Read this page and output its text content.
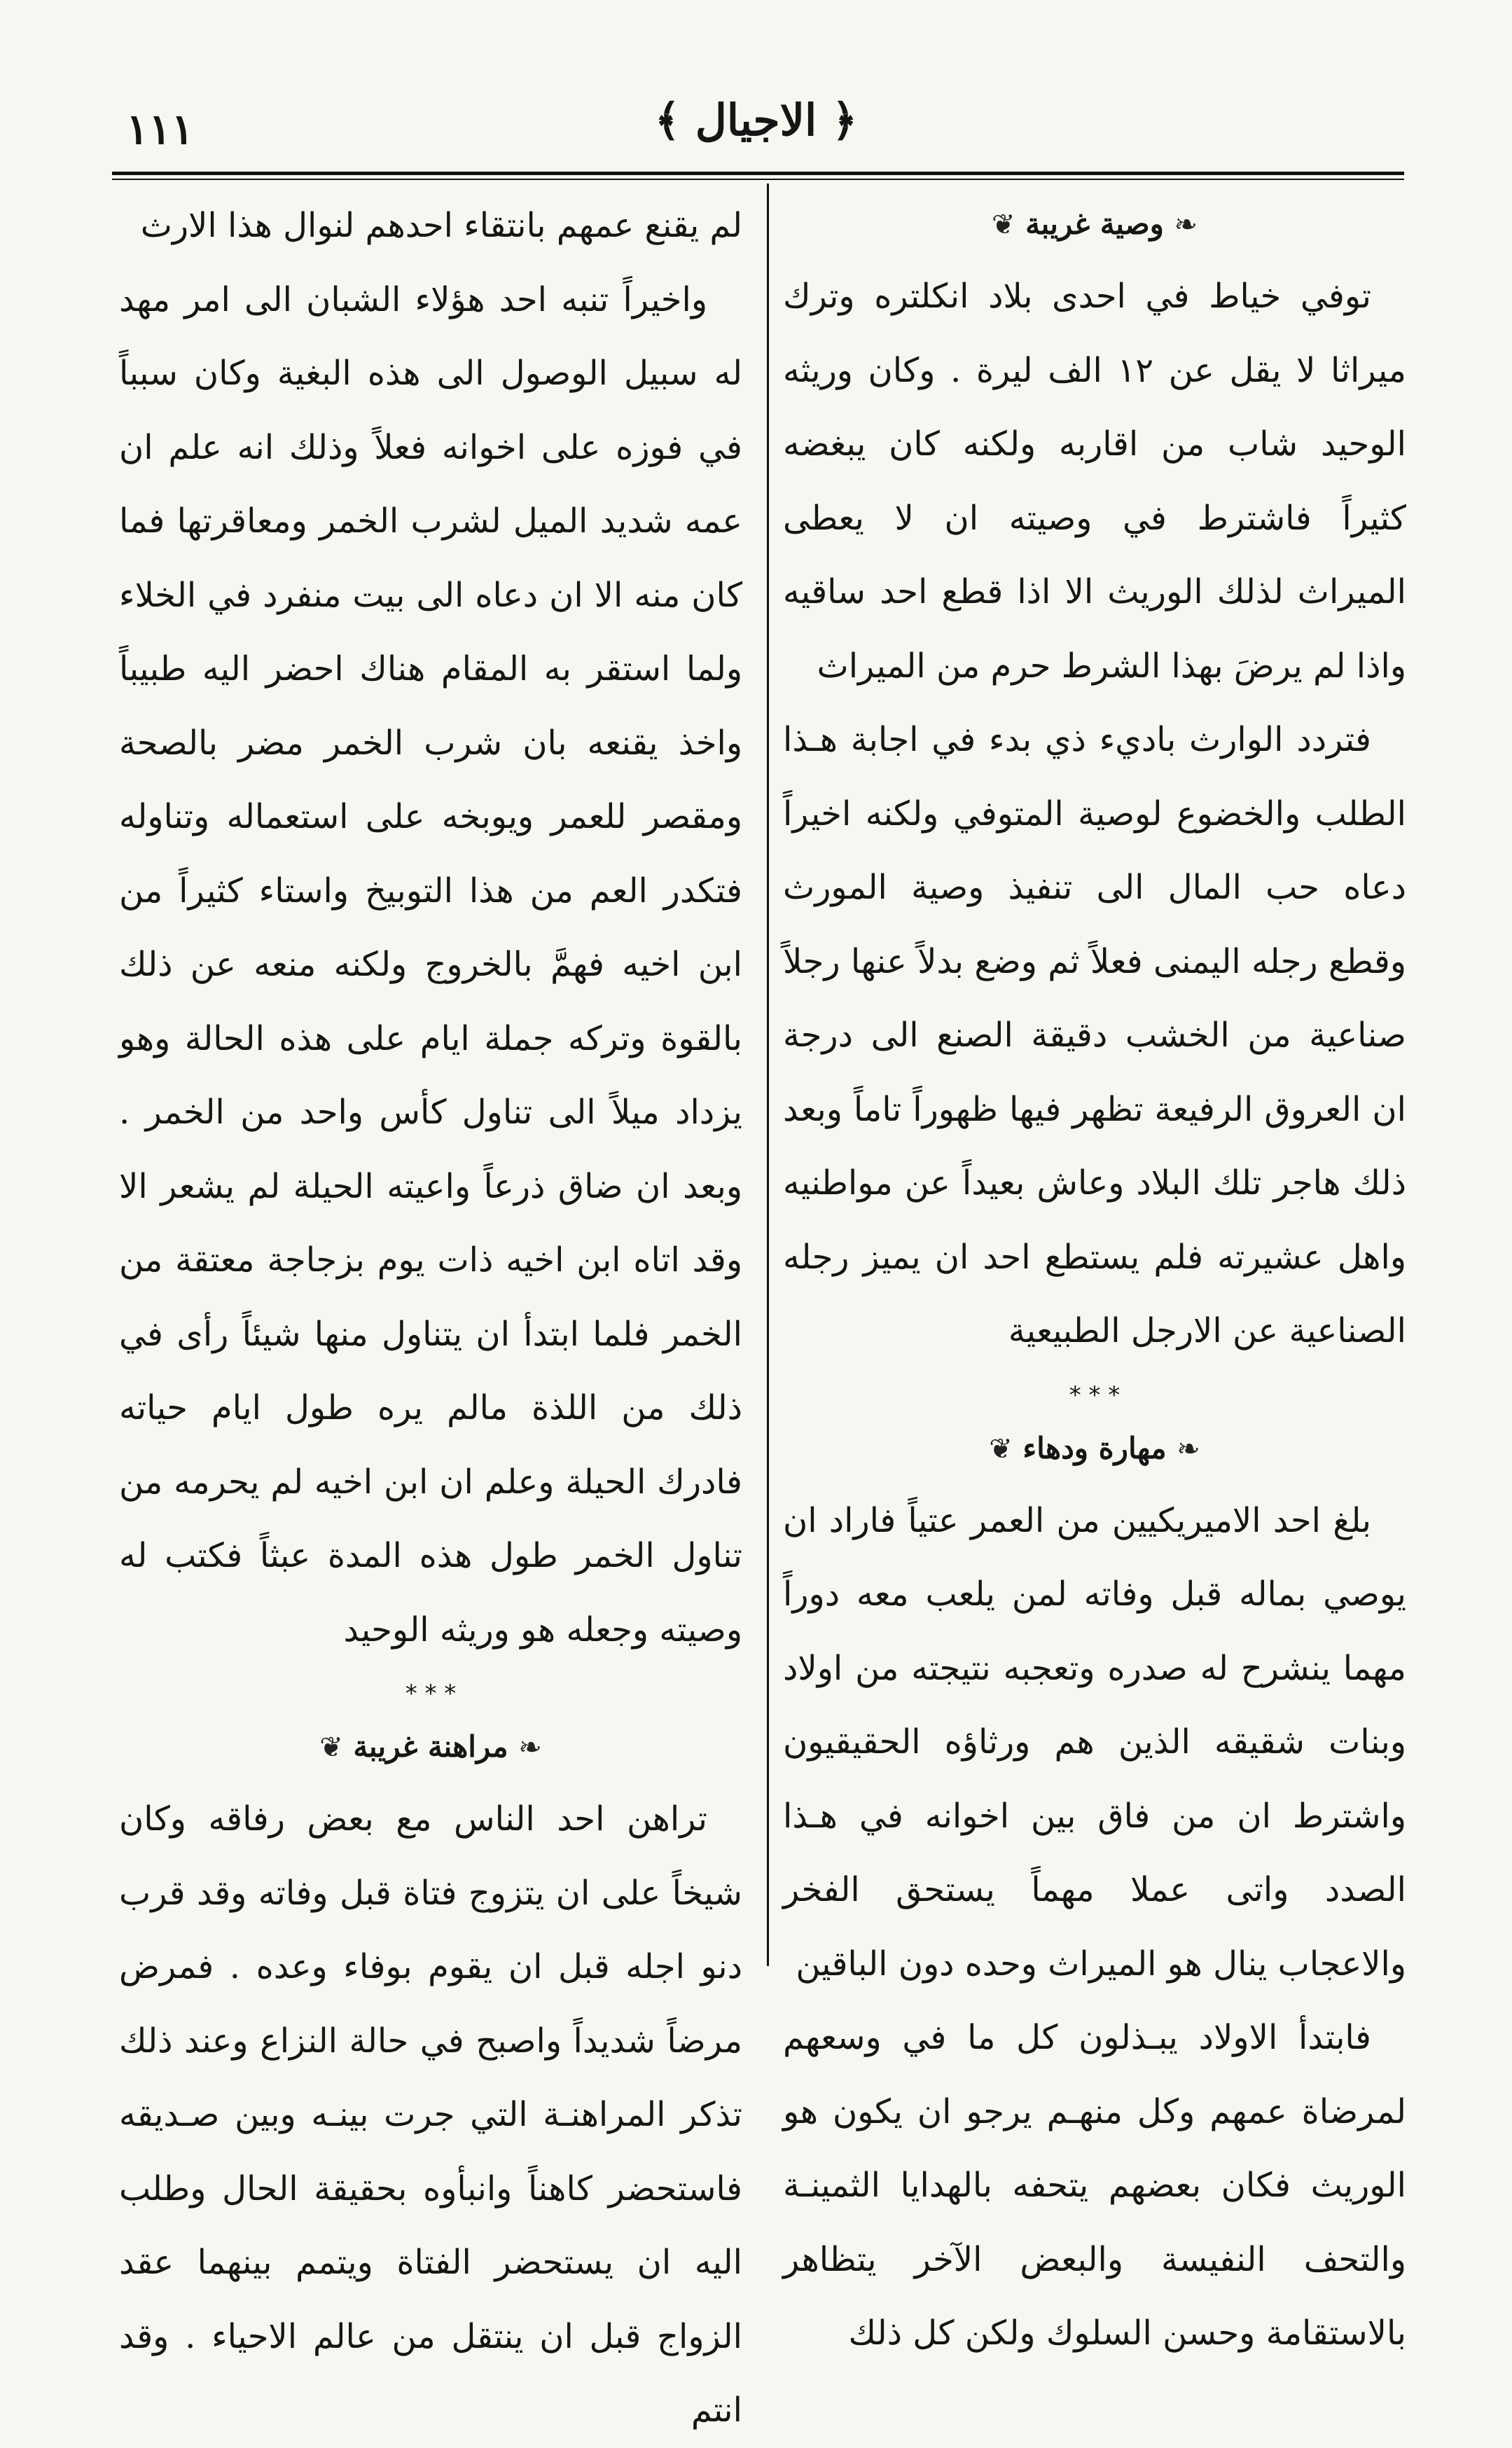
١١١	﴿ الاجيال ﴾
❧ وصية غريبة ❦

توفي خياط في احدى بلاد انكلتره وترك ميراثا لا يقل عن ١٢ الف ليرة . وكان وريثه الوحيد شاب من اقاربه ولكنه كان يبغضه كثيراً فاشترط في وصيته ان لا يعطى الميراث لذلك الوريث الا اذا قطع احد ساقيه واذا لم يرضَ بهذا الشرط حرم من الميراث

فتردد الوارث باديء ذي بدء في اجابة هـذا الطلب والخضوع لوصية المتوفي ولكنه اخيراً دعاه حب المال الى تنفيذ وصية المورث وقطع رجله اليمنى فعلاً ثم وضع بدلاً عنها رجلاً صناعية من الخشب دقيقة الصنع الى درجة ان العروق الرفيعة تظهر فيها ظهوراً تاماً وبعد ذلك هاجر تلك البلاد وعاش بعيداً عن مواطنيه واهل عشيرته فلم يستطع احد ان يميز رجله الصناعية عن الارجل الطبيعية

* * *
❧ مهارة ودهاء ❦

بلغ احد الاميريكيين من العمر عتياً فاراد ان يوصي بماله قبل وفاته لمن يلعب معه دوراً مهما ينشرح له صدره وتعجبه نتيجته من اولاد وبنات شقيقه الذين هم ورثاؤه الحقيقيون واشترط ان من فاق بين اخوانه في هـذا الصدد واتى عملا مهماً يستحق الفخر والاعجاب ينال هو الميراث وحده دون الباقين

فابتدأ الاولاد يبـذلون كل ما في وسعهم لمرضاة عمهم وكل منهـم يرجو ان يكون هو الوريث فكان بعضهم يتحفه بالهدايا الثمينـة والتحف النفيسة والبعض الآخر يتظاهر بالاستقامة وحسن السلوك ولكن كل ذلك

لم يقنع عمهم بانتقاء احدهم لنوال هذا الارث

واخيراً تنبه احد هؤلاء الشبان الى امر مهد له سبيل الوصول الى هذه البغية وكان سبباً في فوزه على اخوانه فعلاً وذلك انه علم ان عمه شديد الميل لشرب الخمر ومعاقرتها فما كان منه الا ان دعاه الى بيت منفرد في الخلاء ولما استقر به المقام هناك احضر اليه طبيباً واخذ يقنعه بان شرب الخمر مضر بالصحة ومقصر للعمر ويوبخه على استعماله وتناوله فتكدر العم من هذا التوبيخ واستاء كثيراً من ابن اخيه فهمَّ بالخروج ولكنه منعه عن ذلك بالقوة وتركه جملة ايام على هذه الحالة وهو يزداد ميلاً الى تناول كأس واحد من الخمر . وبعد ان ضاق ذرعاً واعيته الحيلة لم يشعر الا وقد اتاه ابن اخيه ذات يوم بزجاجة معتقة من الخمر فلما ابتدأ ان يتناول منها شيئاً رأى في ذلك من اللذة مالم يره طول ايام حياته فادرك الحيلة وعلم ان ابن اخيه لم يحرمه من تناول الخمر طول هذه المدة عبثاً فكتب له وصيته وجعله هو وريثه الوحيد

* * *
❧ مراهنة غريبة ❦

تراهن احد الناس مع بعض رفاقه وكان شيخاً على ان يتزوج فتاة قبل وفاته وقد قرب دنو اجله قبل ان يقوم بوفاء وعده . فمرض مرضاً شديداً واصبح في حالة النزاع وعند ذلك تذكر المراهنـة التي جرت بينـه وبين صـديقه فاستحضر كاهناً وانبأوه بحقيقة الحال وطلب اليه ان يستحضر الفتاة ويتمم بينهما عقد الزواج قبل ان ينتقل من عالم الاحياء . وقد انتم
